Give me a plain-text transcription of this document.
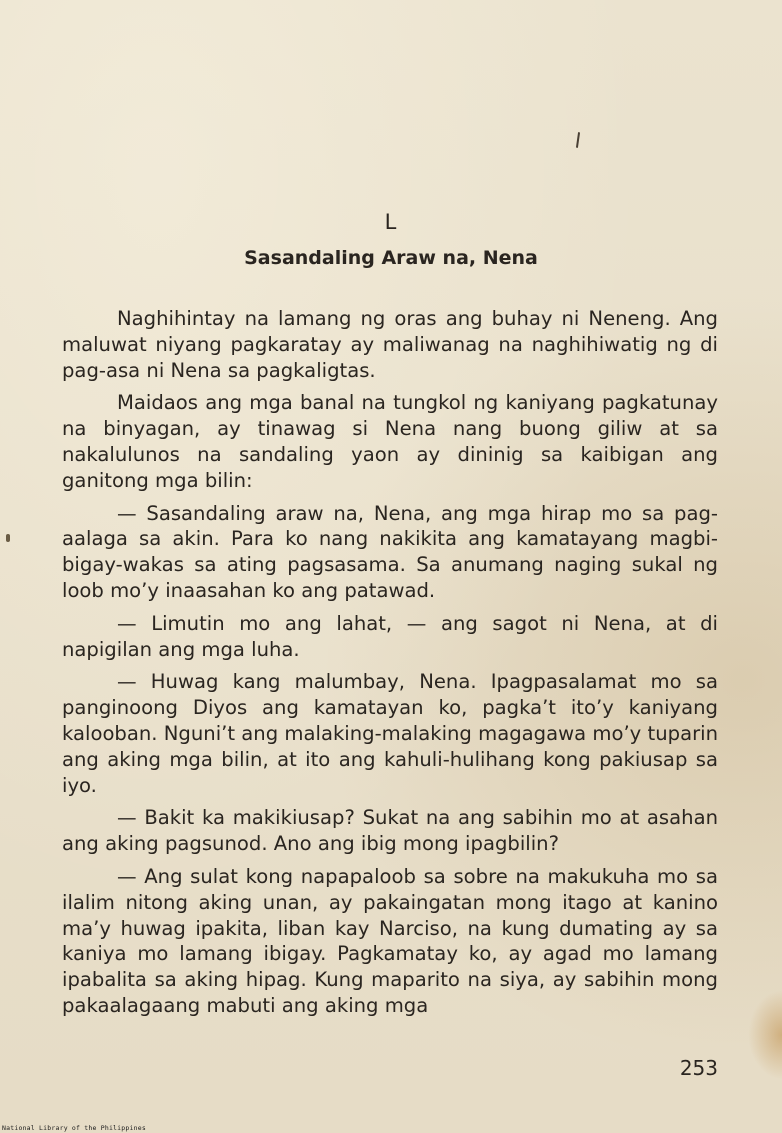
L
Sasandaling Araw na, Nena

Naghihintay na lamang ng oras ang buhay ni Neneng. Ang maluwat niyang pagkaratay ay maliwanag na naghihiwatig ng di pag-asa ni Nena sa pagkaligtas.

Maidaos ang mga banal na tungkol ng kaniyang pagkatunay na binyagan, ay tinawag si Nena nang buong giliw at sa nakalulunos na sandaling yaon ay dininig sa kaibigan ang ganitong mga bilin:

— Sasandaling araw na, Nena, ang mga hirap mo sa pagaalaga sa akin. Para ko nang nakikita ang kamatayang magbibigay-wakas sa ating pagsasama. Sa anumang naging sukal ng loob mo’y inaasahan ko ang patawad.

— Limutin mo ang lahat, — ang sagot ni Nena, at di napigilan ang mga luha.

— Huwag kang malumbay, Nena. Ipagpasalamat mo sa panginoong Diyos ang kamatayan ko, pagka’t ito’y kaniyang kalooban. Nguni’t ang malaking-malaking magagawa mo’y tuparin ang aking mga bilin, at ito ang kahuli-hulihang kong pakiusap sa iyo.

— Bakit ka makikiusap? Sukat na ang sabihin mo at asahan ang aking pagsunod. Ano ang ibig mong ipagbilin?

— Ang sulat kong napapaloob sa sobre na makukuha mo sa ilalim nitong aking unan, ay pakaingatan mong itago at kanino ma’y huwag ipakita, liban kay Narciso, na kung dumating ay sa kaniya mo lamang ibigay. Pagkamatay ko, ay agad mo lamang ipabalita sa aking hipag. Kung maparito na siya, ay sabihin mong pakaalagaang mabuti ang aking mga

253
National Library of the Philippines
